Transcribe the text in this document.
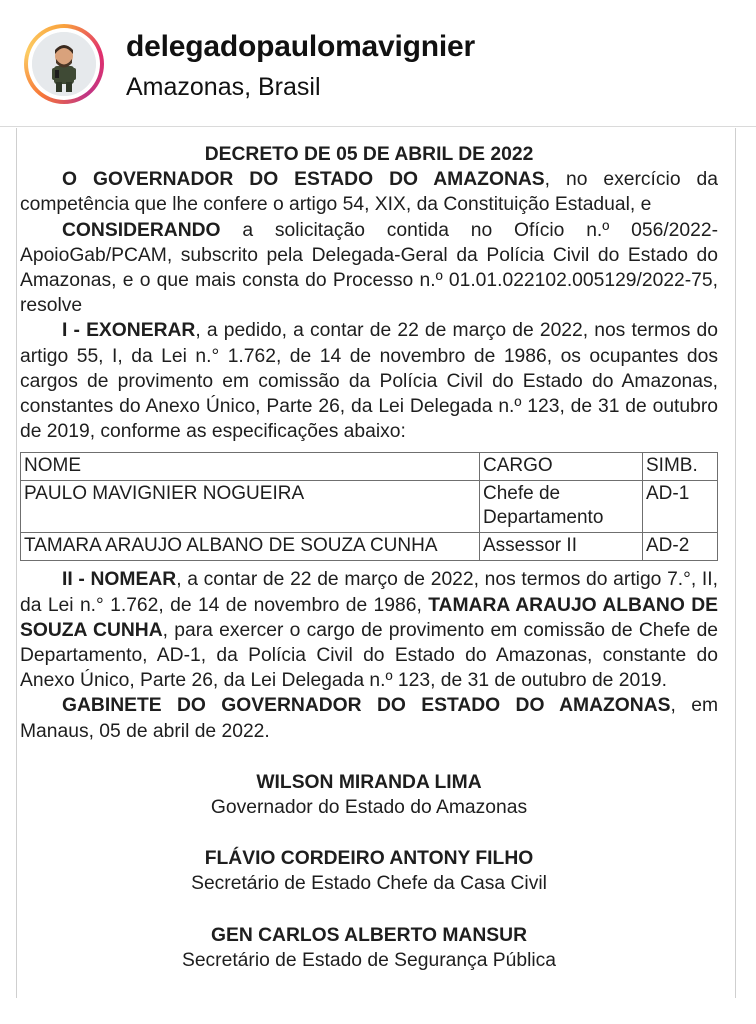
delegadopaulomavignier
Amazonas, Brasil

DECRETO DE 05 DE ABRIL DE 2022

O GOVERNADOR DO ESTADO DO AMAZONAS, no exercício da competência que lhe confere o artigo 54, XIX, da Constituição Estadual, e

CONSIDERANDO a solicitação contida no Ofício n.º 056/2022-ApoioGab/PCAM, subscrito pela Delegada-Geral da Polícia Civil do Estado do Amazonas, e o que mais consta do Processo n.º 01.01.022102.005129/2022-75, resolve

I - EXONERAR, a pedido, a contar de 22 de março de 2022, nos termos do artigo 55, I, da Lei n.° 1.762, de 14 de novembro de 1986, os ocupantes dos cargos de provimento em comissão da Polícia Civil do Estado do Amazonas, constantes do Anexo Único, Parte 26, da Lei Delegada n.º 123, de 31 de outubro de 2019, conforme as especificações abaixo:

NOME	CARGO	SIMB.
PAULO MAVIGNIER NOGUEIRA	Chefe de Departamento	AD-1
TAMARA ARAUJO ALBANO DE SOUZA CUNHA	Assessor II	AD-2

II - NOMEAR, a contar de 22 de março de 2022, nos termos do artigo 7.°, II, da Lei n.° 1.762, de 14 de novembro de 1986, TAMARA ARAUJO ALBANO DE SOUZA CUNHA, para exercer o cargo de provimento em comissão de Chefe de Departamento, AD-1, da Polícia Civil do Estado do Amazonas, constante do Anexo Único, Parte 26, da Lei Delegada n.º 123, de 31 de outubro de 2019.

GABINETE DO GOVERNADOR DO ESTADO DO AMAZONAS, em Manaus, 05 de abril de 2022.

WILSON MIRANDA LIMA
Governador do Estado do Amazonas
FLÁVIO CORDEIRO ANTONY FILHO
Secretário de Estado Chefe da Casa Civil
GEN CARLOS ALBERTO MANSUR
Secretário de Estado de Segurança Pública
